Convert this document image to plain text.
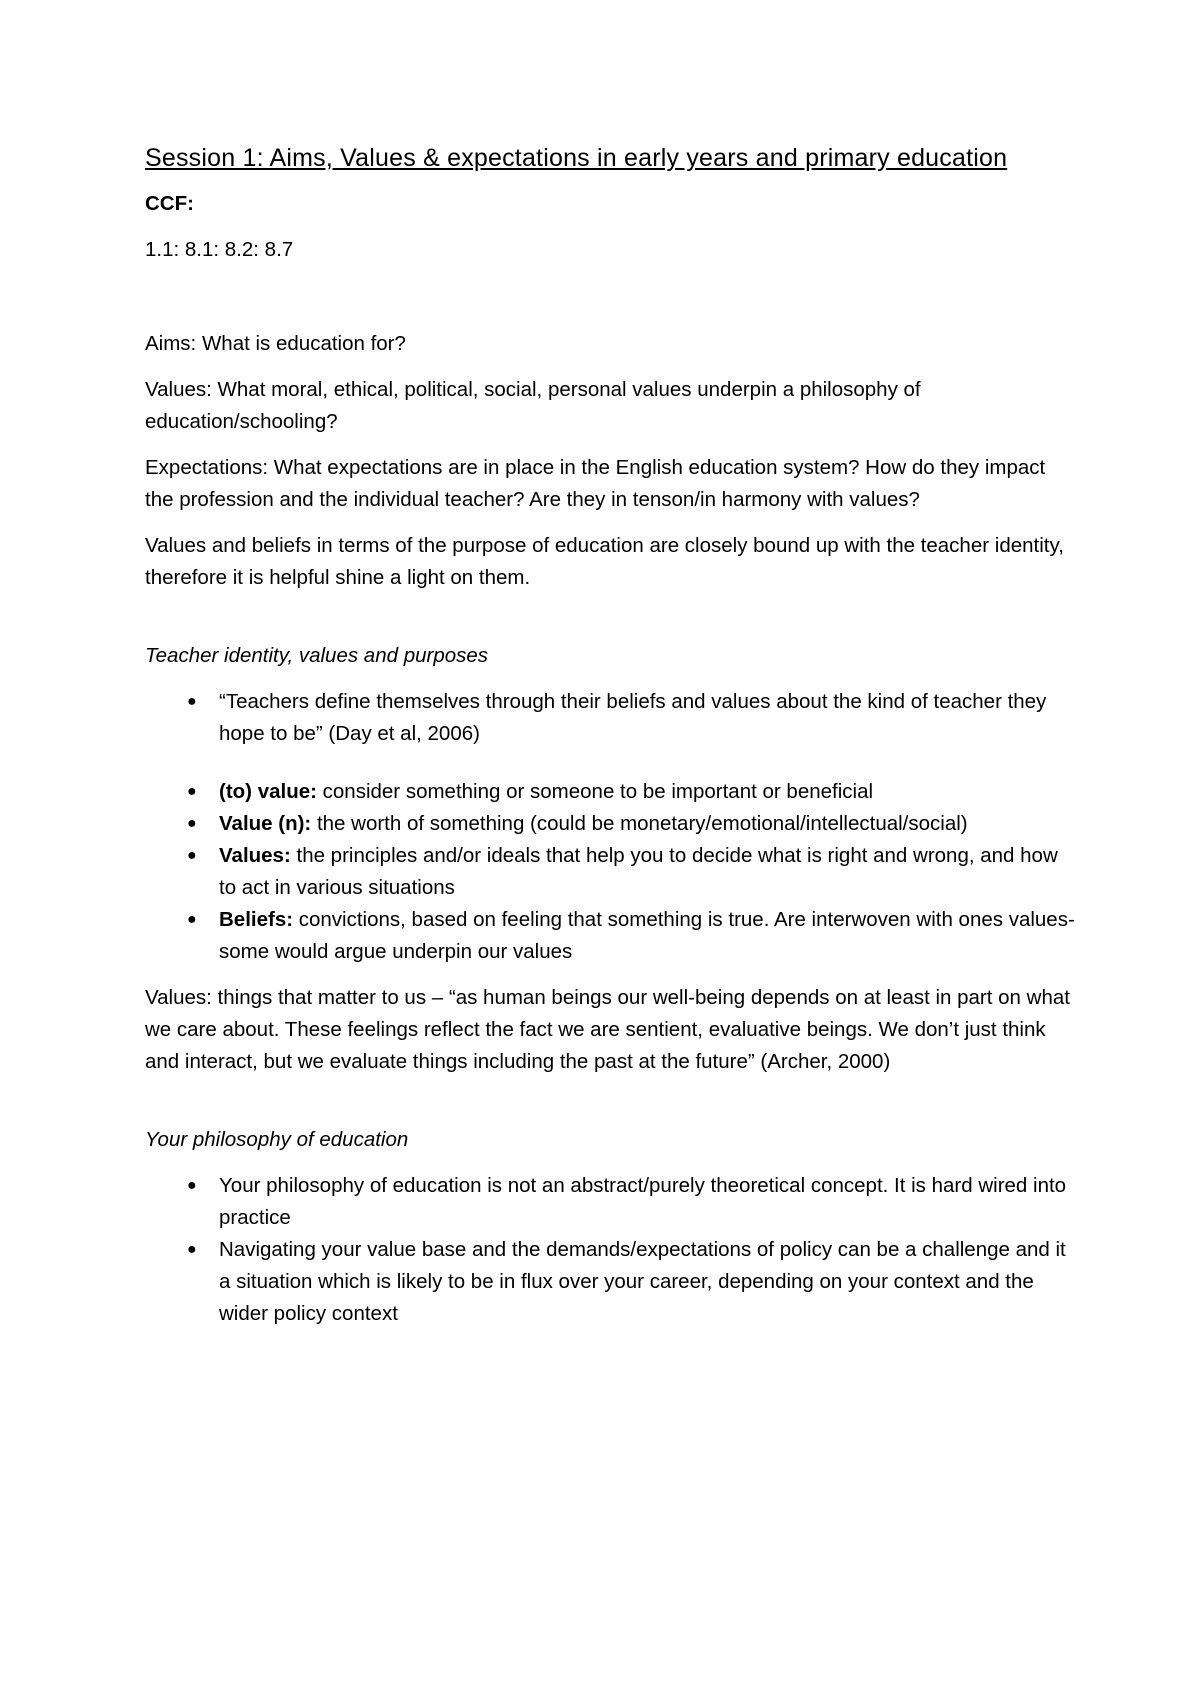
Session 1: Aims, Values & expectations in early years and primary education

CCF:

1.1: 8.1: 8.2: 8.7

Aims: What is education for?

Values: What moral, ethical, political, social, personal values underpin a philosophy of education/schooling?

Expectations: What expectations are in place in the English education system? How do they impact the profession and the individual teacher? Are they in tenson/in harmony with values?

Values and beliefs in terms of the purpose of education are closely bound up with the teacher identity, therefore it is helpful shine a light on them.

Teacher identity, values and purposes

● “Teachers define themselves through their beliefs and values about the kind of teacher they hope to be” (Day et al, 2006)
● (to) value: consider something or someone to be important or beneficial
● Value (n): the worth of something (could be monetary/emotional/intellectual/social)
● Values: the principles and/or ideals that help you to decide what is right and wrong, and how to act in various situations
● Beliefs: convictions, based on feeling that something is true. Are interwoven with ones values-some would argue underpin our values

Values: things that matter to us – “as human beings our well-being depends on at least in part on what we care about. These feelings reflect the fact we are sentient, evaluative beings. We don’t just think and interact, but we evaluate things including the past at the future” (Archer, 2000)

Your philosophy of education

● Your philosophy of education is not an abstract/purely theoretical concept. It is hard wired into practice
● Navigating your value base and the demands/expectations of policy can be a challenge and it a situation which is likely to be in flux over your career, depending on your context and the wider policy context
